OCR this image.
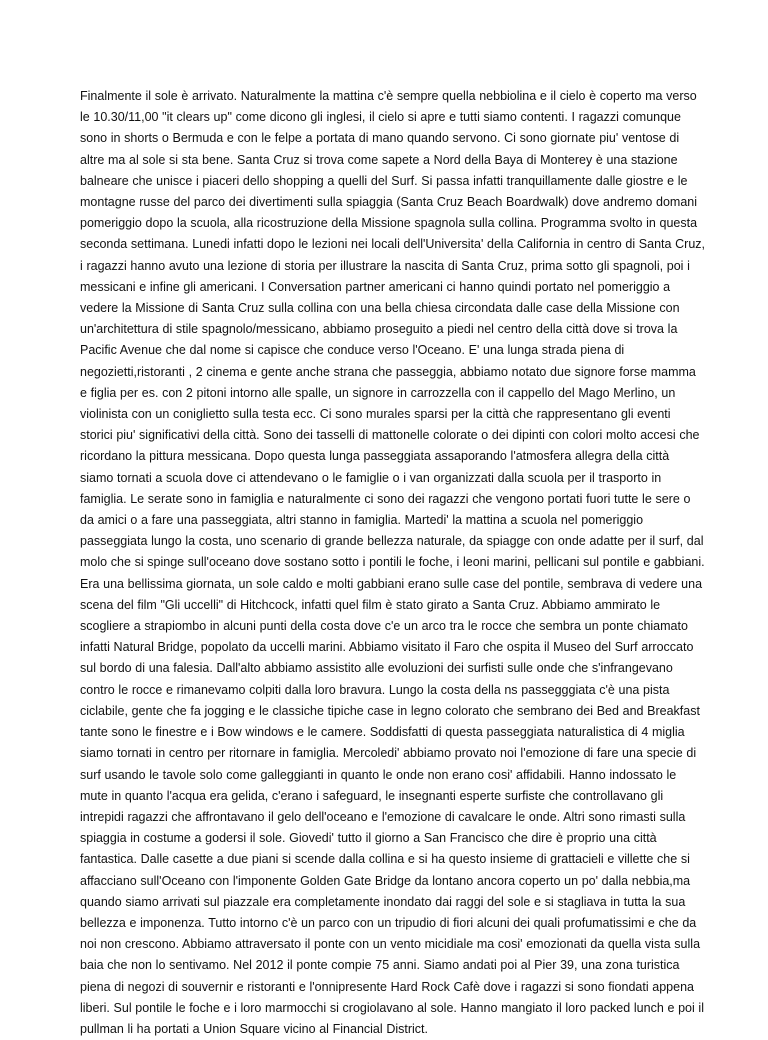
Finalmente il sole è arrivato. Naturalmente la mattina c'è sempre quella nebbiolina e il cielo è coperto ma verso le 10.30/11,00 "it clears up" come dicono gli inglesi, il cielo si apre e tutti siamo contenti. I ragazzi comunque sono in shorts o Bermuda e con le felpe a portata di mano quando servono. Ci sono giornate piu' ventose di altre ma al sole si sta bene. Santa Cruz si trova come sapete a Nord della Baya di Monterey è una stazione balneare che unisce i piaceri dello shopping a quelli del Surf. Si passa infatti tranquillamente dalle giostre e le montagne russe del parco dei divertimenti sulla spiaggia (Santa Cruz Beach Boardwalk) dove andremo domani pomeriggio dopo la scuola, alla ricostruzione della Missione spagnola sulla collina. Programma svolto in questa seconda settimana. Lunedi infatti dopo le lezioni nei locali dell'Universita' della California in centro di Santa Cruz, i ragazzi hanno avuto una lezione di storia per illustrare la nascita di Santa Cruz, prima sotto gli spagnoli, poi i messicani e infine gli americani. I Conversation partner americani ci hanno quindi portato nel pomeriggio a vedere la Missione di Santa Cruz sulla collina con una bella chiesa circondata dalle case della Missione con un'architettura di stile spagnolo/messicano, abbiamo proseguito a piedi nel centro della città dove si trova la Pacific Avenue che dal nome si capisce che conduce verso l'Oceano. E' una lunga strada piena di negozietti,ristoranti , 2 cinema e gente anche strana che passeggia, abbiamo notato due signore forse mamma e figlia per es. con 2 pitoni intorno alle spalle, un signore in carrozzella con il cappello del Mago Merlino, un violinista con un coniglietto sulla testa ecc. Ci sono murales sparsi per la città che rappresentano gli eventi storici piu' significativi della città. Sono dei tasselli di mattonelle colorate o dei dipinti con colori molto accesi che ricordano la pittura messicana. Dopo questa lunga passeggiata assaporando l'atmosfera allegra della città siamo tornati a scuola dove ci attendevano o le famiglie o i van organizzati dalla scuola per il trasporto in famiglia. Le serate sono in famiglia e naturalmente ci sono dei ragazzi che vengono portati fuori tutte le sere o da amici o a fare una passeggiata, altri stanno in famiglia. Martedi' la mattina a scuola nel pomeriggio passeggiata lungo la costa, uno scenario di grande bellezza naturale, da spiagge con onde adatte per il surf, dal molo che si spinge sull'oceano dove sostano sotto i pontili le foche, i leoni marini, pellicani sul pontile e gabbiani. Era una bellissima giornata, un sole caldo e molti gabbiani erano sulle case del pontile, sembrava di vedere una scena del film "Gli uccelli" di Hitchcock, infatti quel film è stato girato a Santa Cruz. Abbiamo ammirato le scogliere a strapiombo in alcuni punti della costa dove c'e un arco tra le rocce che sembra un ponte chiamato infatti Natural Bridge, popolato da uccelli marini. Abbiamo visitato il Faro che ospita il Museo del Surf arroccato sul bordo di una falesia. Dall'alto abbiamo assistito alle evoluzioni dei surfisti sulle onde che s'infrangevano contro le rocce e rimanevamo colpiti dalla loro bravura. Lungo la costa della ns passegggiata c'è una pista ciclabile, gente che fa jogging e le classiche tipiche case in legno colorato che sembrano dei Bed and Breakfast tante sono le finestre e i Bow windows e le camere. Soddisfatti di questa passeggiata naturalistica di 4 miglia siamo tornati in centro per ritornare in famiglia. Mercoledi' abbiamo provato noi l'emozione di fare una specie di surf usando le tavole solo come galleggianti in quanto le onde non erano cosi' affidabili. Hanno indossato le mute in quanto l'acqua era gelida, c'erano i safeguard, le insegnanti esperte surfiste che controllavano gli intrepidi ragazzi che affrontavano il gelo dell'oceano e l'emozione di cavalcare le onde. Altri sono rimasti sulla spiaggia in costume a godersi il sole. Giovedi' tutto il giorno a San Francisco che dire è proprio una città fantastica. Dalle casette a due piani si scende dalla collina e si ha questo insieme di grattacieli e villette che si affacciano sull'Oceano con l'imponente Golden Gate Bridge da lontano ancora coperto un po' dalla nebbia,ma quando siamo arrivati sul piazzale era completamente inondato dai raggi del sole e si stagliava in tutta la sua bellezza e imponenza. Tutto intorno c'è un parco con un tripudio di fiori alcuni dei quali profumatissimi e che da noi non crescono. Abbiamo attraversato il ponte con un vento micidiale ma cosi' emozionati da quella vista sulla baia che non lo sentivamo. Nel 2012 il ponte compie 75 anni. Siamo andati poi al Pier 39, una zona turistica piena di negozi di souvernir e ristoranti e l'onnipresente Hard Rock Cafè dove i ragazzi si sono fiondati appena liberi. Sul pontile le foche e i loro marmocchi si crogiolavano al sole. Hanno mangiato il loro packed lunch e poi il pullman li ha portati a Union Square vicino al Financial District.
